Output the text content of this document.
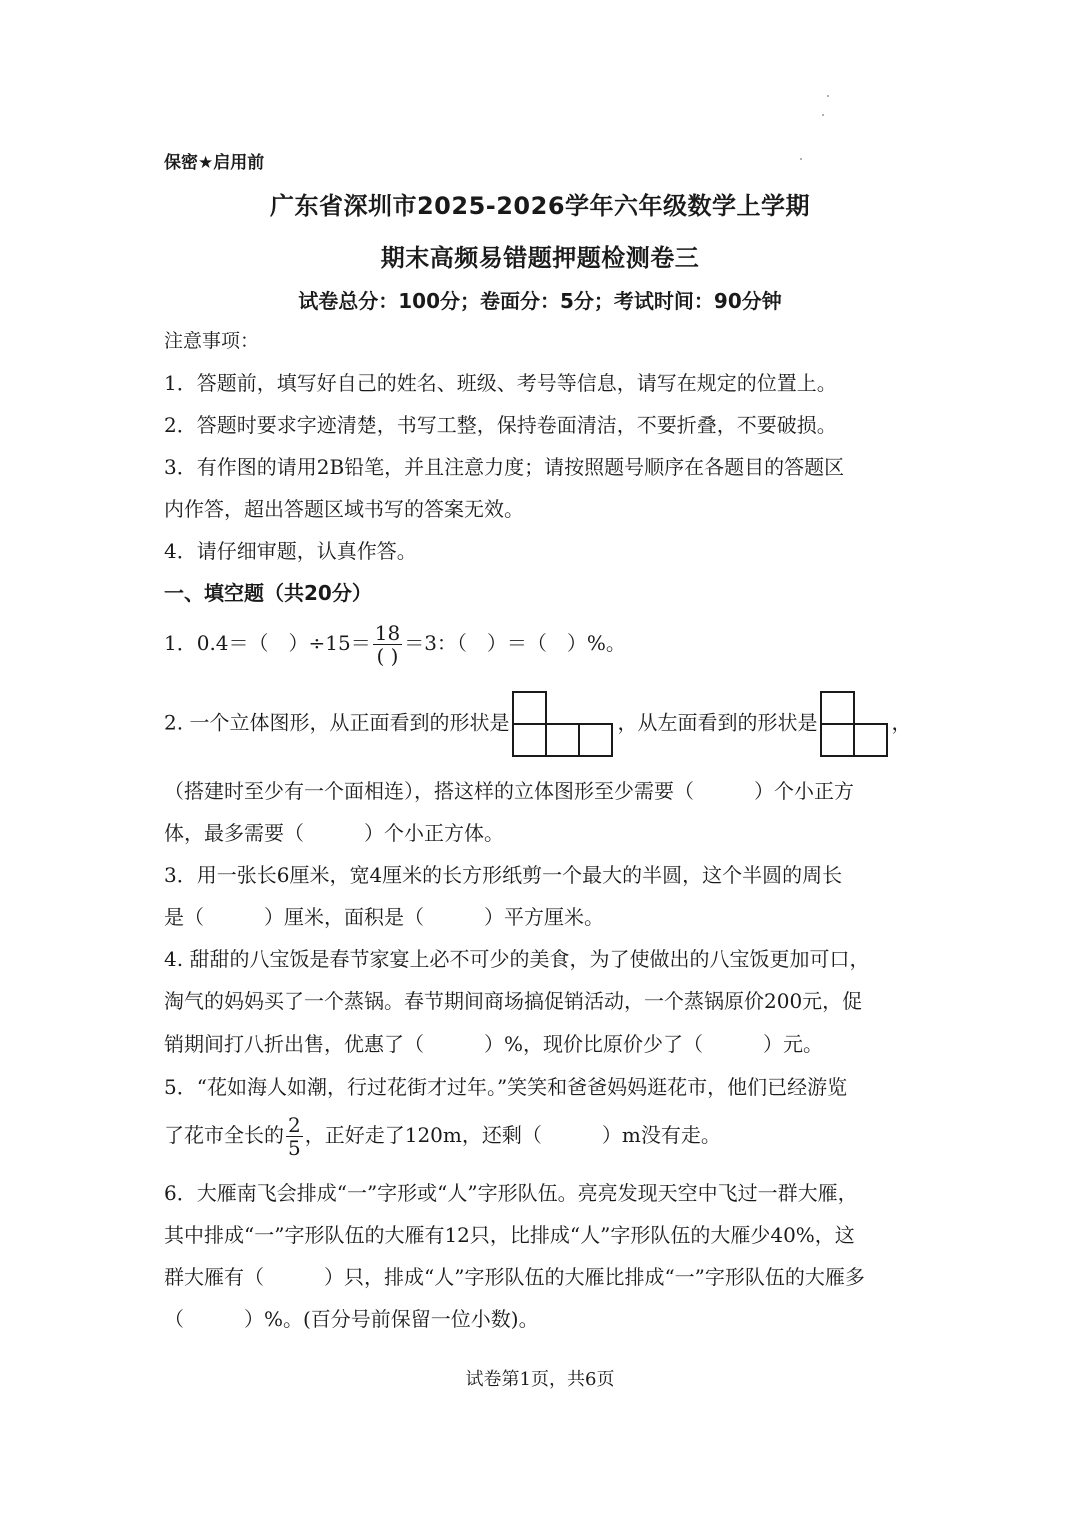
保密★启用前
广东省深圳市2025-2026学年六年级数学上学期
期末高频易错题押题检测卷三
试卷总分：100分；卷面分：5分；考试时间：90分钟
注意事项：
1．答题前，填写好自己的姓名、班级、考号等信息，请写在规定的位置上。
2．答题时要求字迹清楚，书写工整，保持卷面清洁，不要折叠，不要破损。
3．有作图的请用2B铅笔，并且注意力度；请按照题号顺序在各题目的答题区
内作答，超出答题区域书写的答案无效。
4．请仔细审题，认真作答。
一、填空题（共20分）
1．0.4＝（　）$\div 15= \frac{18}{( )} =3$：（　）＝（　）%。
2. 一个立体图形，从正面看到的形状是	，从左面看到的形状是	，
（搭建时至少有一个面相连），搭这样的立体图形至少需要（　　　）个小正方
体，最多需要（　　　）个小正方体。
3．用一张长6厘米，宽4厘米的长方形纸剪一个最大的半圆，这个半圆的周长
是（　　　）厘米，面积是（　　　）平方厘米。
4. 甜甜的八宝饭是春节家宴上必不可少的美食，为了使做出的八宝饭更加可口，
淘气的妈妈买了一个蒸锅。春节期间商场搞促销活动，一个蒸锅原价200元，促
销期间打八折出售，优惠了（　　　）%，现价比原价少了（　　　）元。
5．“花如海人如潮，行过花街才过年。”笑笑和爸爸妈妈逛花市，他们已经游览
了花市全长的 $\frac{2}{5}$ ，正好走了120m，还剩（　　　）m没有走。
6．大雁南飞会排成“一”字形或“人”字形队伍。亮亮发现天空中飞过一群大雁，
其中排成“一”字形队伍的大雁有12只，比排成“人”字形队伍的大雁少40%，这
群大雁有（　　　）只，排成“人”字形队伍的大雁比排成“一”字形队伍的大雁多
（　　　）%。(百分号前保留一位小数)。
试卷第1页，共6页
